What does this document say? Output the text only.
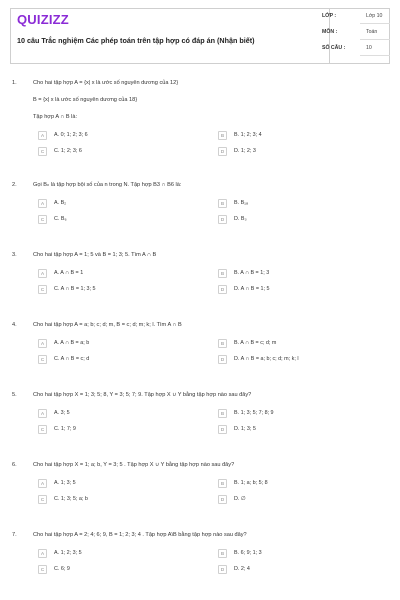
QUIZIZZ
10 câu Trắc nghiệm Các phép toán trên tập hợp có đáp án (Nhận biết)
LỚP :	Lớp 10
MÔN :	Toán
SỐ CÂU :	10
1.	Cho hai tập hợp A = {x| x là ước số nguyên dương của 12}
B = {x| x là ước số nguyên dương của 18}
Tập hợp A ∩ B là:
A	A. 0; 1; 2; 3; 6	B	B. 1; 2; 3; 4
C	C. 1; 2; 3; 6	D	D. 1; 2; 3
2.	Gọi Bₙ là tập hợp bội số của n trong N. Tập hợp B3 ∩ B6 là:
A	A. B₂	B	B. B₁₈
C	C. B₆	D	D. B₃
3.	Cho hai tập hợp A = 1; 5 và B = 1; 3; 5. Tìm A ∩ B
A	A. A ∩ B = 1	B	B. A ∩ B = 1; 3
C	C. A ∩ B = 1; 3; 5	D	D. A ∩ B = 1; 5
4.	Cho hai tập hợp A = a; b; c; d; m, B = c; d; m; k; l. Tìm A ∩ B
A	A. A ∩ B = a; b	B	B. A ∩ B = c; d; m
C	C. A ∩ B = c; d	D	D. A ∩ B = a; b; c; d; m; k; l
5.	Cho hai tập hợp X = 1; 3; 5; 8, Y = 3; 5; 7; 9. Tập hợp X ∪ Y bằng tập hợp nào sau đây?
A	A. 3; 5	B	B. 1; 3; 5; 7; 8; 9
C	C. 1; 7; 9	D	D. 1; 3; 5
6.	Cho hai tập hợp X = 1; a; b, Y = 3; 5 . Tập hợp X ∪ Y bằng tập hợp nào sau đây?
A	A. 1; 3; 5	B	B. 1; a; b; 5; 8
C	C. 1; 3; 5; a; b	D	D. ∅
7.	Cho hai tập hợp A = 2; 4; 6; 9, B = 1; 2; 3; 4 . Tập hợp A\B bằng tập hợp nào sau đây?
A	A. 1; 2; 3; 5	B	B. 6; 9; 1; 3
C	C. 6; 9	D	D. 2; 4
